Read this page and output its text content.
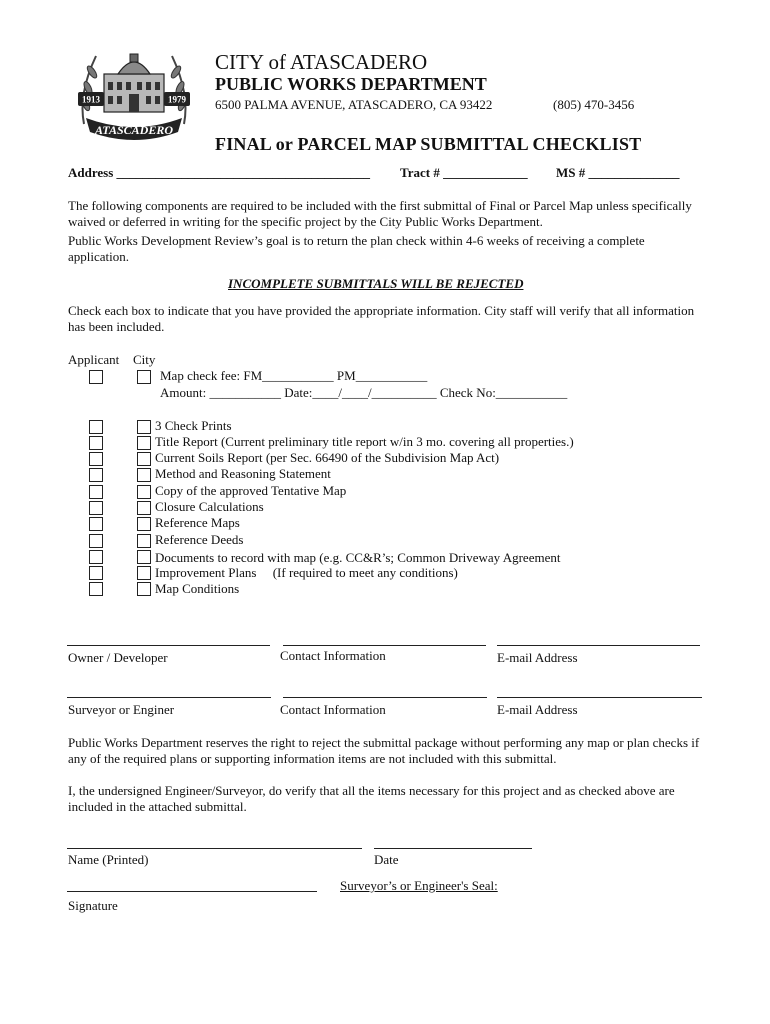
1913	1979
ATASCADERO
CITY of ATASCADERO
PUBLIC WORKS DEPARTMENT
6500 PALMA AVENUE, ATASCADERO, CA 93422	(805) 470-3456
FINAL or PARCEL MAP SUBMITTAL CHECKLIST
Address _______________________________________ Tract # _____________ MS # ______________
The following components are required to be included with the first submittal of Final or Parcel Map unless specifically waived or deferred in writing for the specific project by the City Public Works Department.
Public Works Development Review’s goal is to return the plan check within 4-6 weeks of receiving a complete application.
INCOMPLETE SUBMITTALS WILL BE REJECTED
Check each box to indicate that you have provided the appropriate information. City staff will verify that all information has been included.
Applicant City
Map check fee: FM___________ PM___________
Amount: ___________ Date:____/____/__________ Check No:___________
3 Check Prints
Title Report (Current preliminary title report w/in 3 mo. covering all properties.)
Current Soils Report (per Sec. 66490 of the Subdivision Map Act)
Method and Reasoning Statement
Copy of the approved Tentative Map
Closure Calculations
Reference Maps
Reference Deeds
Documents to record with map (e.g. CC&R’s; Common Driveway Agreement
Improvement Plans     (If required to meet any conditions)
Map Conditions
Owner / Developer	Contact Information	E-mail Address
Surveyor or Enginer	Contact Information	E-mail Address
Public Works Department reserves the right to reject the submittal package without performing any map or plan checks if any of the required plans or supporting information items are not included with this submittal.
I, the undersigned Engineer/Surveyor, do verify that all the items necessary for this project and as checked above are included in the attached submittal.
Name (Printed)	Date
Surveyor’s or Engineer's Seal:
Signature
